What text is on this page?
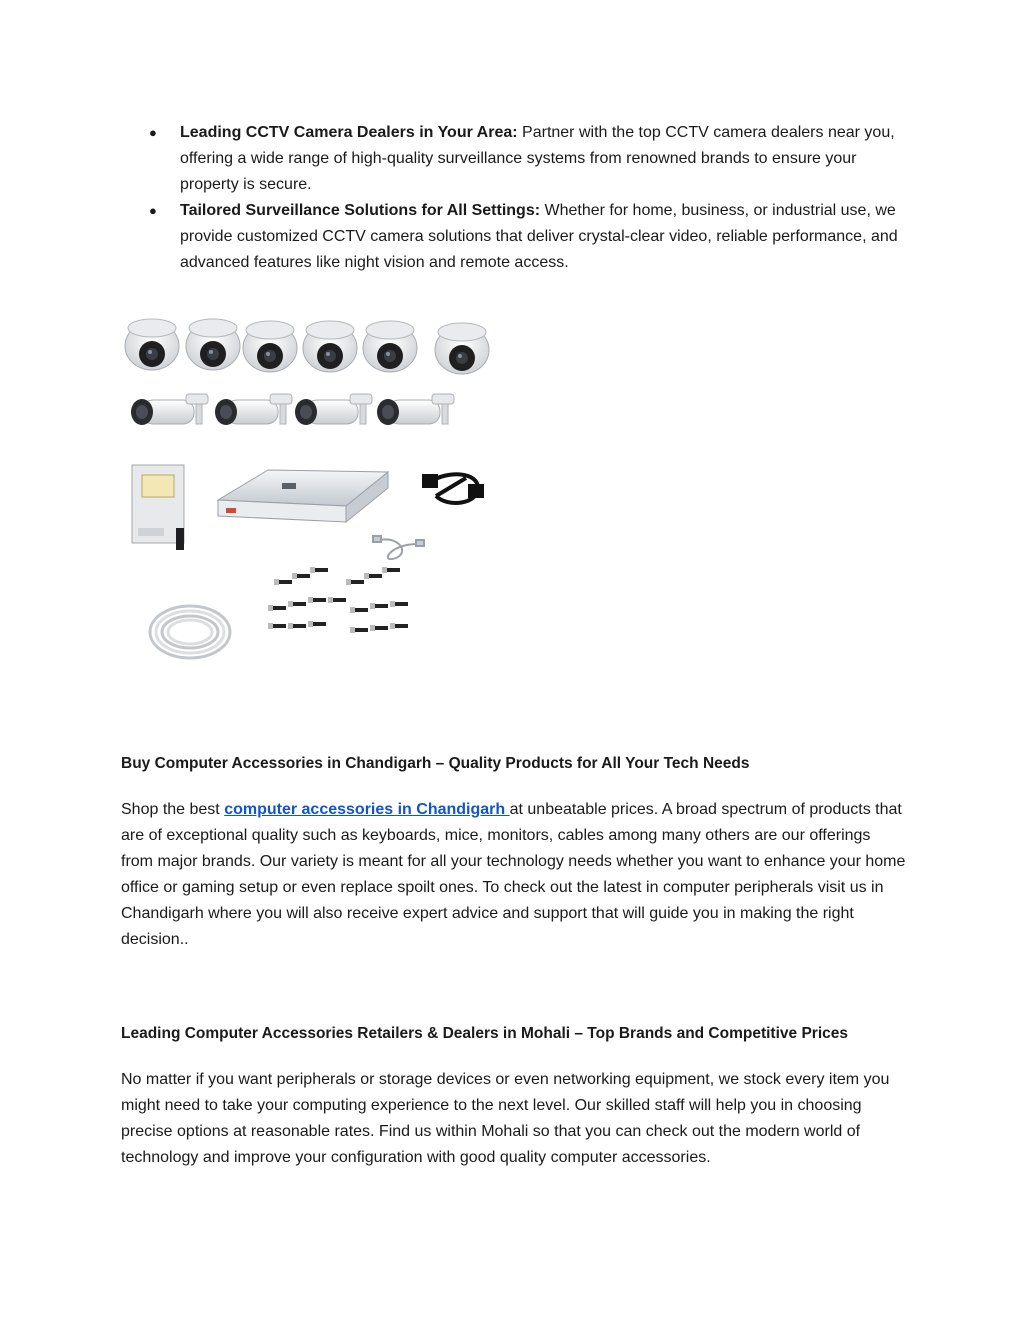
● Leading CCTV Camera Dealers in Your Area: Partner with the top CCTV camera dealers near you, offering a wide range of high-quality surveillance systems from renowned brands to ensure your property is secure.
● Tailored Surveillance Solutions for All Settings: Whether for home, business, or industrial use, we provide customized CCTV camera solutions that deliver crystal-clear video, reliable performance, and advanced features like night vision and remote access.
Buy Computer Accessories in Chandigarh – Quality Products for All Your Tech Needs

Shop the best computer accessories in Chandigarh at unbeatable prices. A broad spectrum of products that are of exceptional quality such as keyboards, mice, monitors, cables among many others are our offerings from major brands. Our variety is meant for all your technology needs whether you want to enhance your home office or gaming setup or even replace spoilt ones. To check out the latest in computer peripherals visit us in Chandigarh where you will also receive expert advice and support that will guide you in making the right decision..

Leading Computer Accessories Retailers & Dealers in Mohali – Top Brands and Competitive Prices

No matter if you want peripherals or storage devices or even networking equipment, we stock every item you might need to take your computing experience to the next level. Our skilled staff will help you in choosing precise options at reasonable rates. Find us within Mohali so that you can check out the modern world of technology and improve your configuration with good quality computer accessories.
